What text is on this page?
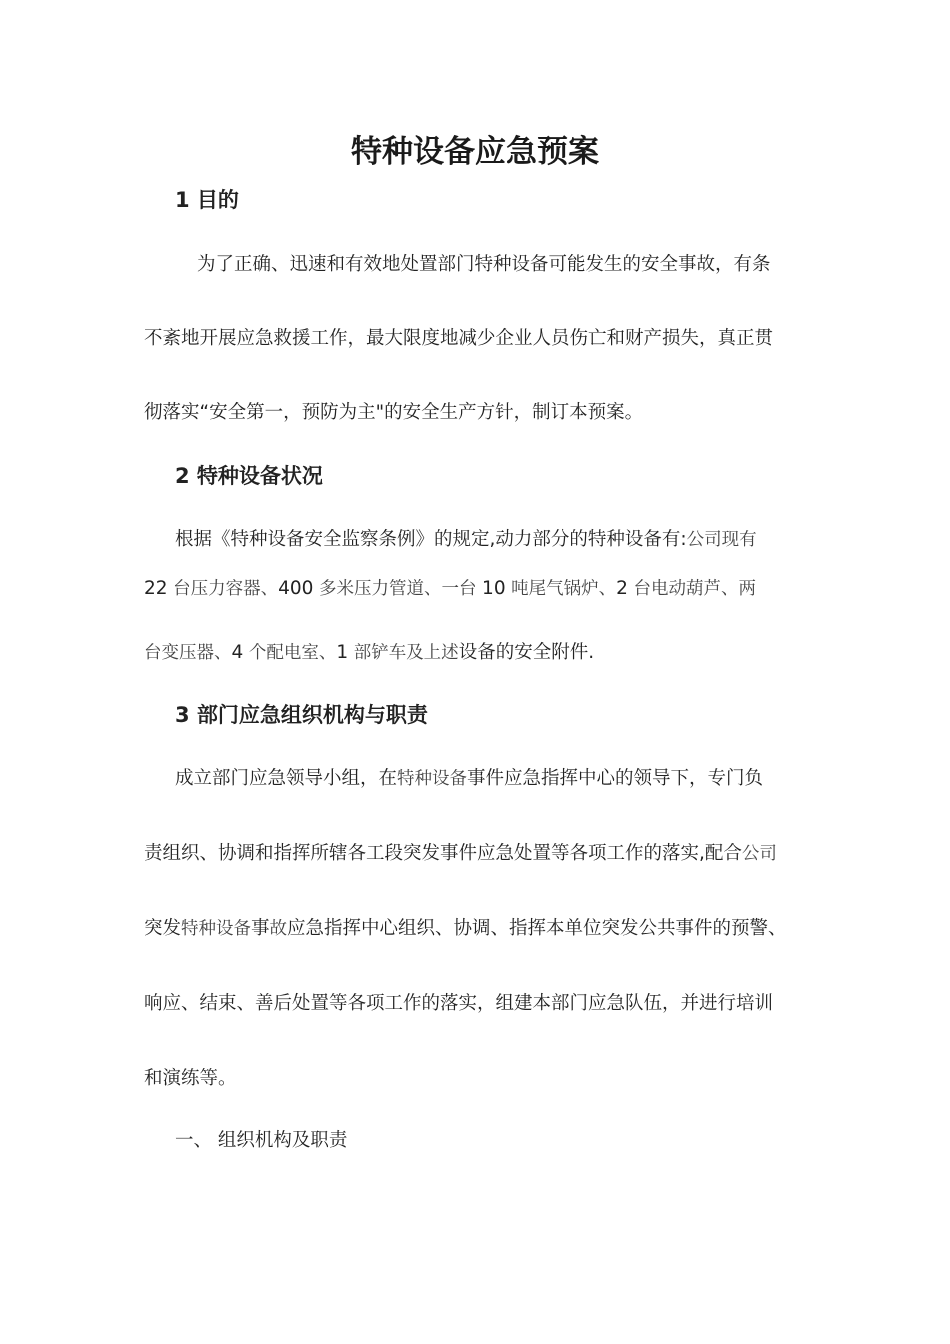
特种设备应急预案
1 目的

为了正确、迅速和有效地处置部门特种设备可能发生的安全事故，有条

不紊地开展应急救援工作，最大限度地减少企业人员伤亡和财产损失，真正贯

彻落实“安全第一，预防为主"的安全生产方针，制订本预案。

2 特种设备状况

根据《特种设备安全监察条例》的规定,动力部分的特种设备有:公司现有

22 台压力容器、400 多米压力管道、一台 10 吨尾气锅炉、2 台电动葫芦、两

台变压器、4 个配电室、1 部铲车及上述设备的安全附件.

3 部门应急组织机构与职责

成立部门应急领导小组，在特种设备事件应急指挥中心的领导下，专门负

责组织、协调和指挥所辖各工段突发事件应急处置等各项工作的落实,配合公司

突发特种设备事故应急指挥中心组织、协调、指挥本单位突发公共事件的预警、

响应、结束、善后处置等各项工作的落实，组建本部门应急队伍，并进行培训

和演练等。

一、 组织机构及职责
